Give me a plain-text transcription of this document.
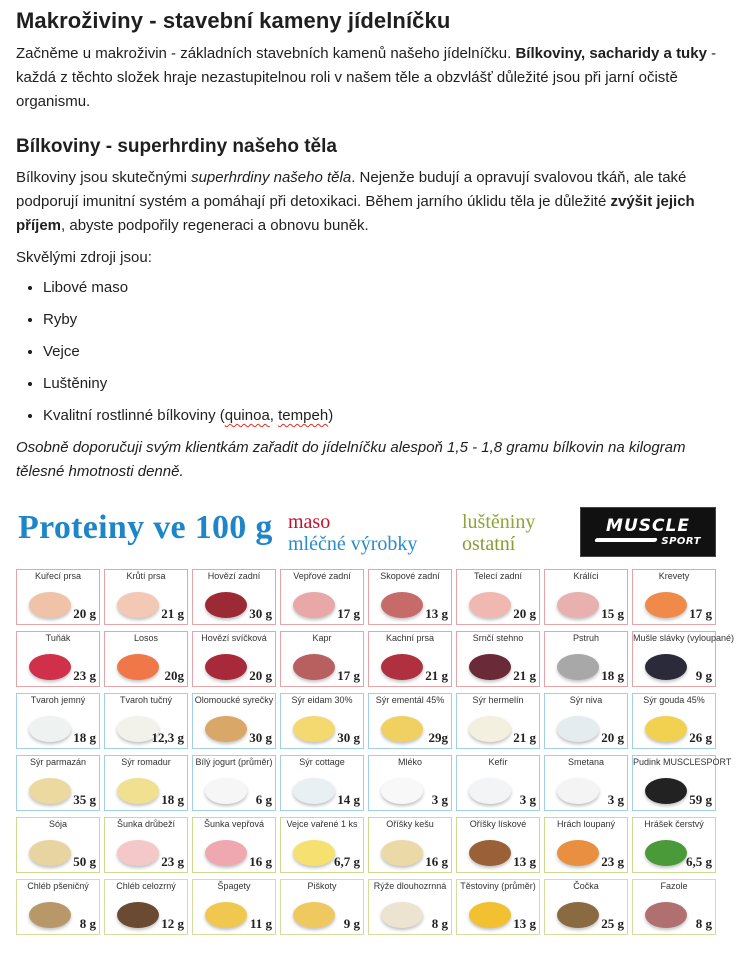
Makroživiny - stavební kameny jídelníčku

Začněme u makroživin - základních stavebních kamenů našeho jídelníčku. Bílkoviny, sacharidy a tuky - každá z těchto složek hraje nezastupitelnou roli v našem těle a obzvlášť důležité jsou při jarní očistě organismu.

Bílkoviny - superhrdiny našeho těla

Bílkoviny jsou skutečnými superhrdiny našeho těla. Nejenže budují a opravují svalovou tkáň, ale také podporují imunitní systém a pomáhají při detoxikaci. Během jarního úklidu těla je důležité zvýšit jejich příjem, abyste podpořily regeneraci a obnovu buněk.

Skvělými zdroji jsou:

• Libové maso
• Ryby
• Vejce
• Luštěniny
• Kvalitní rostlinné bílkoviny (quinoa, tempeh)

Osobně doporučuji svým klientkám zařadit do jídelníčku alespoň 1,5 - 1,8 gramu bílkovin na kilogram tělesné hmotnosti denně.

Proteiny ve 100 g maso
mléčné výrobky
luštěniny
ostatní
MUSCLE
SPORT
Kuřecí prsa
20 g
Krůtí prsa
21 g
Hovězí zadní
30 g
Vepřové zadní
17 g
Skopové zadní
13 g
Telecí zadní
20 g
Králíci
15 g
Krevety
17 g
Tuňák
23 g
Losos
20g
Hovězí svíčková
20 g
Kapr
17 g
Kachní prsa
21 g
Srnčí stehno
21 g
Pstruh
18 g
Mušle slávky (vyloupané)
9 g
Tvaroh jemný
18 g
Tvaroh tučný
12,3 g
Olomoucké syrečky
30 g
Sýr eidam 30%
30 g
Sýr ementál 45%
29g
Sýr hermelín
21 g
Sýr niva
20 g
Sýr gouda 45%
26 g
Sýr parmazán
35 g
Sýr romadur
18 g
Bílý jogurt (průměr)
6 g
Sýr cottage
14 g
Mléko
3 g
Kefír
3 g
Smetana
3 g
Pudink MUSCLESPORT
59 g
Sója
50 g
Šunka drůbeží
23 g
Šunka vepřová
16 g
Vejce vařené 1 ks
6,7 g
Oříšky kešu
16 g
Oříšky lískové
13 g
Hrách loupaný
23 g
Hrášek čerstvý
6,5 g
Chléb pšeničný
8 g
Chléb celozrný
12 g
Špagety
11 g
Piškoty
9 g
Rýže dlouhozrnná
8 g
Těstoviny (průměr)
13 g
Čočka
25 g
Fazole
8 g
